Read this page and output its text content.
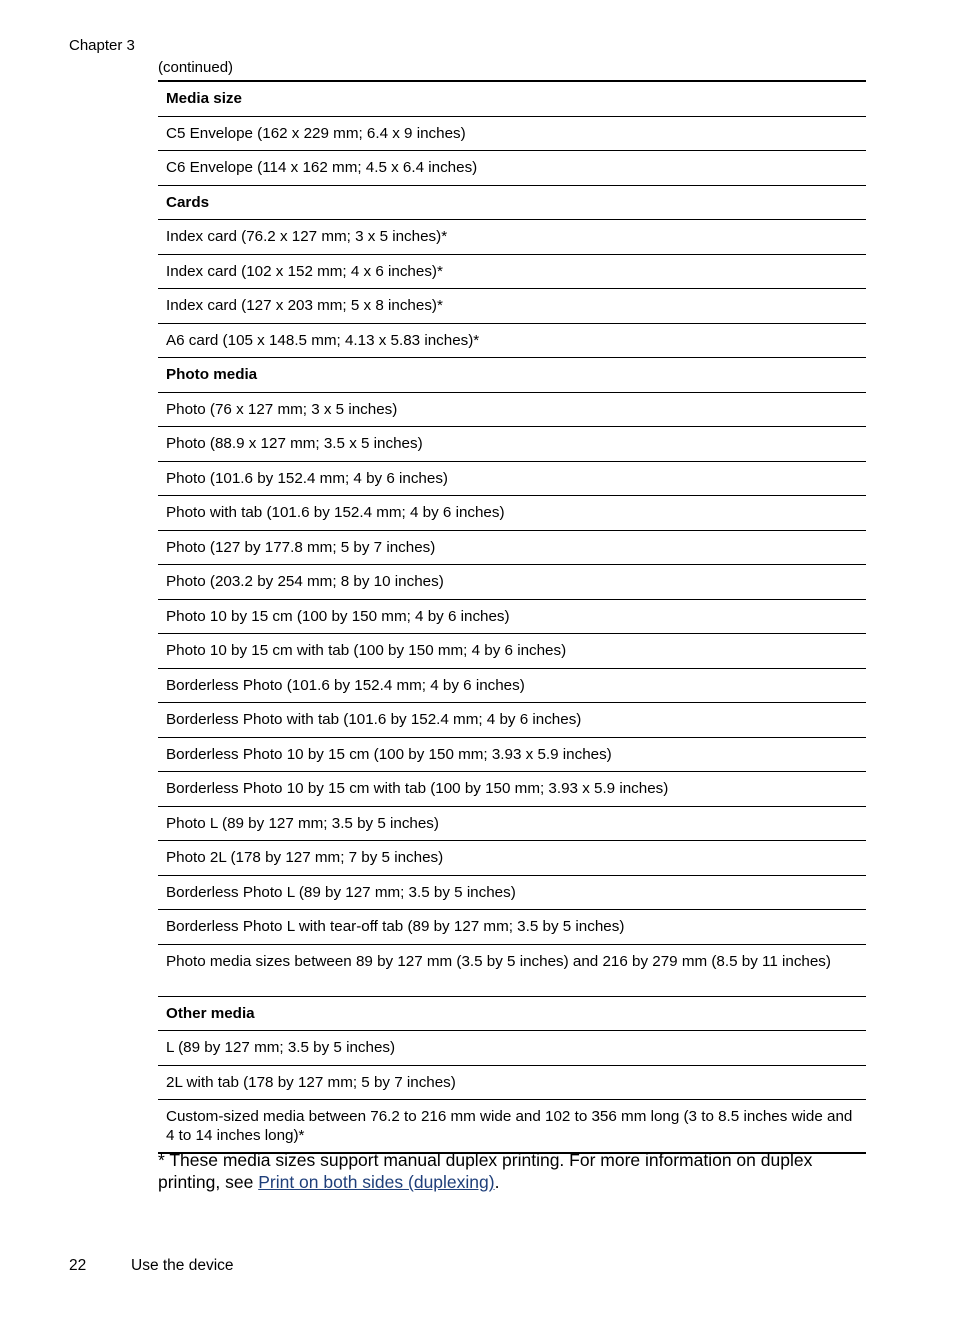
Chapter 3
(continued)
Media size
C5 Envelope (162 x 229 mm; 6.4 x 9 inches)
C6 Envelope (114 x 162 mm; 4.5 x 6.4 inches)
Cards
Index card (76.2 x 127 mm; 3 x 5 inches)*
Index card (102 x 152 mm; 4 x 6 inches)*
Index card (127 x 203 mm; 5 x 8 inches)*
A6 card (105 x 148.5 mm; 4.13 x 5.83 inches)*
Photo media
Photo (76 x 127 mm; 3 x 5 inches)
Photo (88.9 x 127 mm; 3.5 x 5 inches)
Photo (101.6 by 152.4 mm; 4 by 6 inches)
Photo with tab (101.6 by 152.4 mm; 4 by 6 inches)
Photo (127 by 177.8 mm; 5 by 7 inches)
Photo (203.2 by 254 mm; 8 by 10 inches)
Photo 10 by 15 cm (100 by 150 mm; 4 by 6 inches)
Photo 10 by 15 cm with tab (100 by 150 mm; 4 by 6 inches)
Borderless Photo (101.6 by 152.4 mm; 4 by 6 inches)
Borderless Photo with tab (101.6 by 152.4 mm; 4 by 6 inches)
Borderless Photo 10 by 15 cm (100 by 150 mm; 3.93 x 5.9 inches)
Borderless Photo 10 by 15 cm with tab (100 by 150 mm; 3.93 x 5.9 inches)
Photo L (89 by 127 mm; 3.5 by 5 inches)
Photo 2L (178 by 127 mm; 7 by 5 inches)
Borderless Photo L (89 by 127 mm; 3.5 by 5 inches)
Borderless Photo L with tear-off tab (89 by 127 mm; 3.5 by 5 inches)
Photo media sizes between 89 by 127 mm (3.5 by 5 inches) and 216 by 279 mm (8.5 by 11 inches)
Other media
L (89 by 127 mm; 3.5 by 5 inches)
2L with tab (178 by 127 mm; 5 by 7 inches)
Custom-sized media between 76.2 to 216 mm wide and 102 to 356 mm long (3 to 8.5 inches wide and 4 to 14 inches long)*
* These media sizes support manual duplex printing. For more information on duplex printing, see Print on both sides (duplexing).
22	Use the device
